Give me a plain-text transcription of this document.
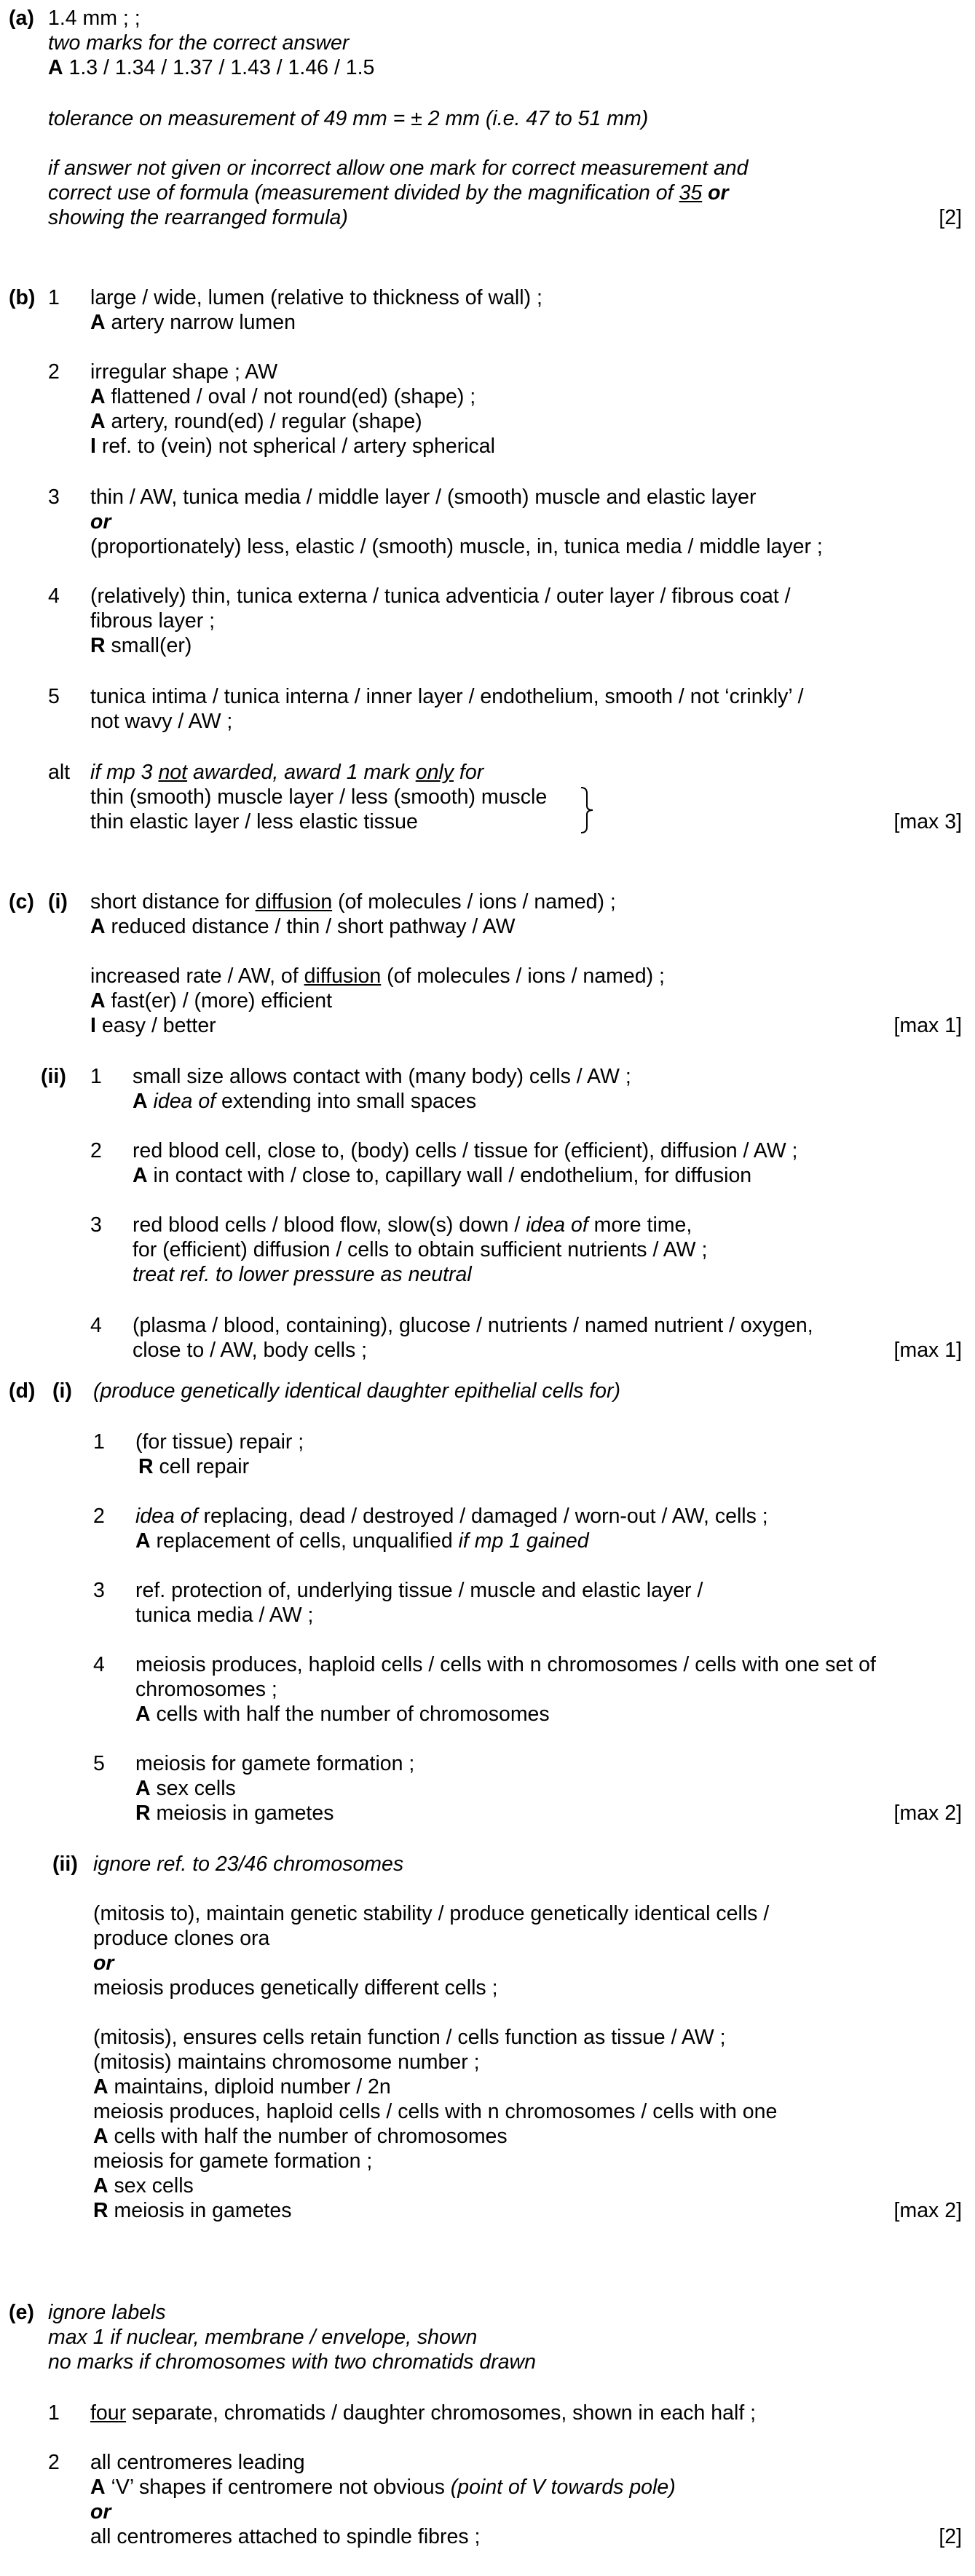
(a) 1.4 mm ; ;
two marks for the correct answer
A 1.3 / 1.34 / 1.37 / 1.43 / 1.46 / 1.5
tolerance on measurement of 49 mm = ± 2 mm (i.e. 47 to 51 mm)
if answer not given or incorrect allow one mark for correct measurement and
correct use of formula (measurement divided by the magnification of 35 or
showing the rearranged formula)	[2]
(b) 1 large / wide, lumen (relative to thickness of wall) ;
A artery narrow lumen
2 irregular shape ; AW
A flattened / oval / not round(ed) (shape) ;
A artery, round(ed) / regular (shape)
I ref. to (vein) not spherical / artery spherical
3 thin / AW, tunica media / middle layer / (smooth) muscle and elastic layer
or
(proportionately) less, elastic / (smooth) muscle, in, tunica media / middle layer ;
4 (relatively) thin, tunica externa / tunica adventicia / outer layer / fibrous coat /
fibrous layer ;
R small(er)
5 tunica intima / tunica interna / inner layer / endothelium, smooth / not ‘crinkly’ /
not wavy / AW ;
alt if mp 3 not awarded, award 1 mark only for
thin (smooth) muscle layer / less (smooth) muscle
thin elastic layer / less elastic tissue	[max 3]
(c) (i) short distance for diffusion (of molecules / ions / named) ;
A reduced distance / thin / short pathway / AW
increased rate / AW, of diffusion (of molecules / ions / named) ;
A fast(er) / (more) efficient
I easy / better	[max 1]
(ii) 1 small size allows contact with (many body) cells / AW ;
A idea of extending into small spaces
2 red blood cell, close to, (body) cells / tissue for (efficient), diffusion / AW ;
A in contact with / close to, capillary wall / endothelium, for diffusion
3 red blood cells / blood flow, slow(s) down / idea of more time,
for (efficient) diffusion / cells to obtain sufficient nutrients / AW ;
treat ref. to lower pressure as neutral
4 (plasma / blood, containing), glucose / nutrients / named nutrient / oxygen,
close to / AW, body cells ;	[max 1]
(d) (i) (produce genetically identical daughter epithelial cells for)
1 (for tissue) repair ;
R cell repair
2 idea of replacing, dead / destroyed / damaged / worn-out / AW, cells ;
A replacement of cells, unqualified if mp 1 gained
3 ref. protection of, underlying tissue / muscle and elastic layer /
tunica media / AW ;
4 meiosis produces, haploid cells / cells with n chromosomes / cells with one set of
chromosomes ;
A cells with half the number of chromosomes
5 meiosis for gamete formation ;
A sex cells
R meiosis in gametes	[max 2]
(ii) ignore ref. to 23/46 chromosomes
(mitosis to), maintain genetic stability / produce genetically identical cells /
produce clones ora
or
meiosis produces genetically different cells ;
(mitosis), ensures cells retain function / cells function as tissue / AW ;
(mitosis) maintains chromosome number ;
A maintains, diploid number / 2n
meiosis produces, haploid cells / cells with n chromosomes / cells with one
A cells with half the number of chromosomes
meiosis for gamete formation ;
A sex cells
R meiosis in gametes	[max 2]
(e) ignore labels
max 1 if nuclear, membrane / envelope, shown
no marks if chromosomes with two chromatids drawn
1 four separate, chromatids / daughter chromosomes, shown in each half ;
2 all centromeres leading
A ‘V’ shapes if centromere not obvious (point of V towards pole)
or
all centromeres attached to spindle fibres ;	[2]
